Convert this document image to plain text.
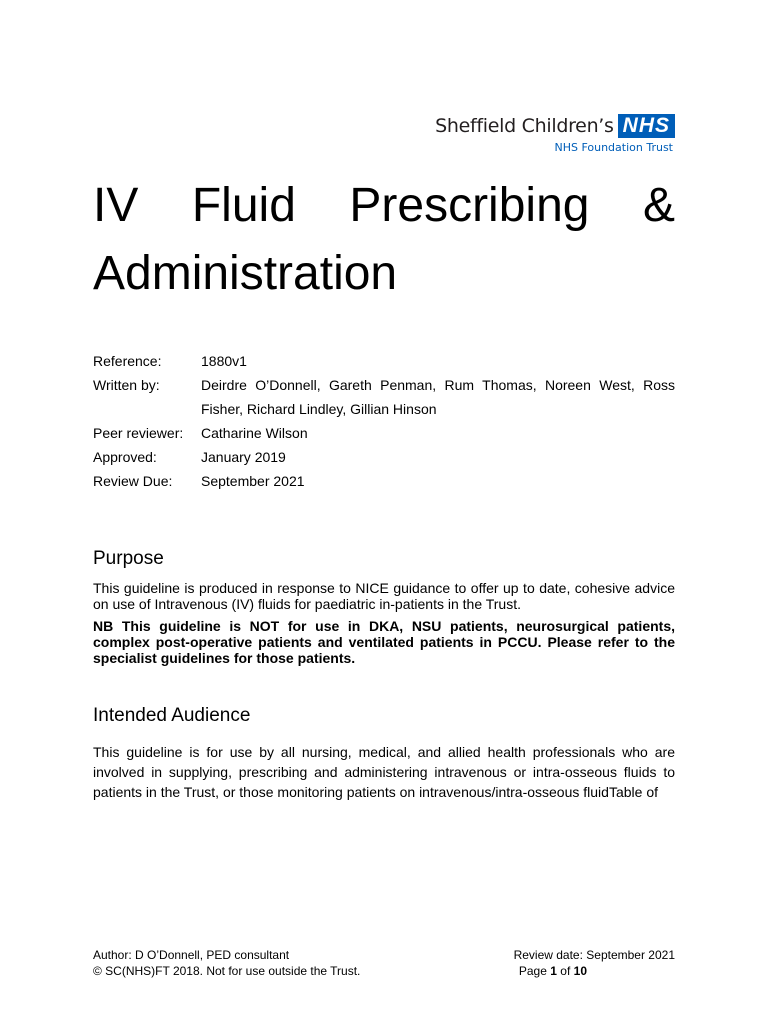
Sheffield Children’s NHS
NHS Foundation Trust
IV Fluid Prescribing &
Administration
Reference:	1880v1
Written by:	Deirdre O’Donnell, Gareth Penman, Rum Thomas, Noreen West, Ross Fisher, Richard Lindley, Gillian Hinson
Peer reviewer:	Catharine Wilson
Approved:	January 2019
Review Due:	September 2021
Purpose

This guideline is produced in response to NICE guidance to offer up to date, cohesive advice on use of Intravenous (IV) fluids for paediatric in-patients in the Trust.

NB This guideline is NOT for use in DKA, NSU patients, neurosurgical patients, complex post-operative patients and ventilated patients in PCCU. Please refer to the specialist guidelines for those patients.

Intended Audience

This guideline is for use by all nursing, medical, and allied health professionals who are involved in supplying, prescribing and administering intravenous or intra-osseous fluids to patients in the Trust, or those monitoring patients on intravenous/intra-osseous fluidTable of

Author: D O’Donnell, PED consultant	Review date: September 2021
© SC(NHS)FT 2018. Not for use outside the Trust.	Page 1 of 10
